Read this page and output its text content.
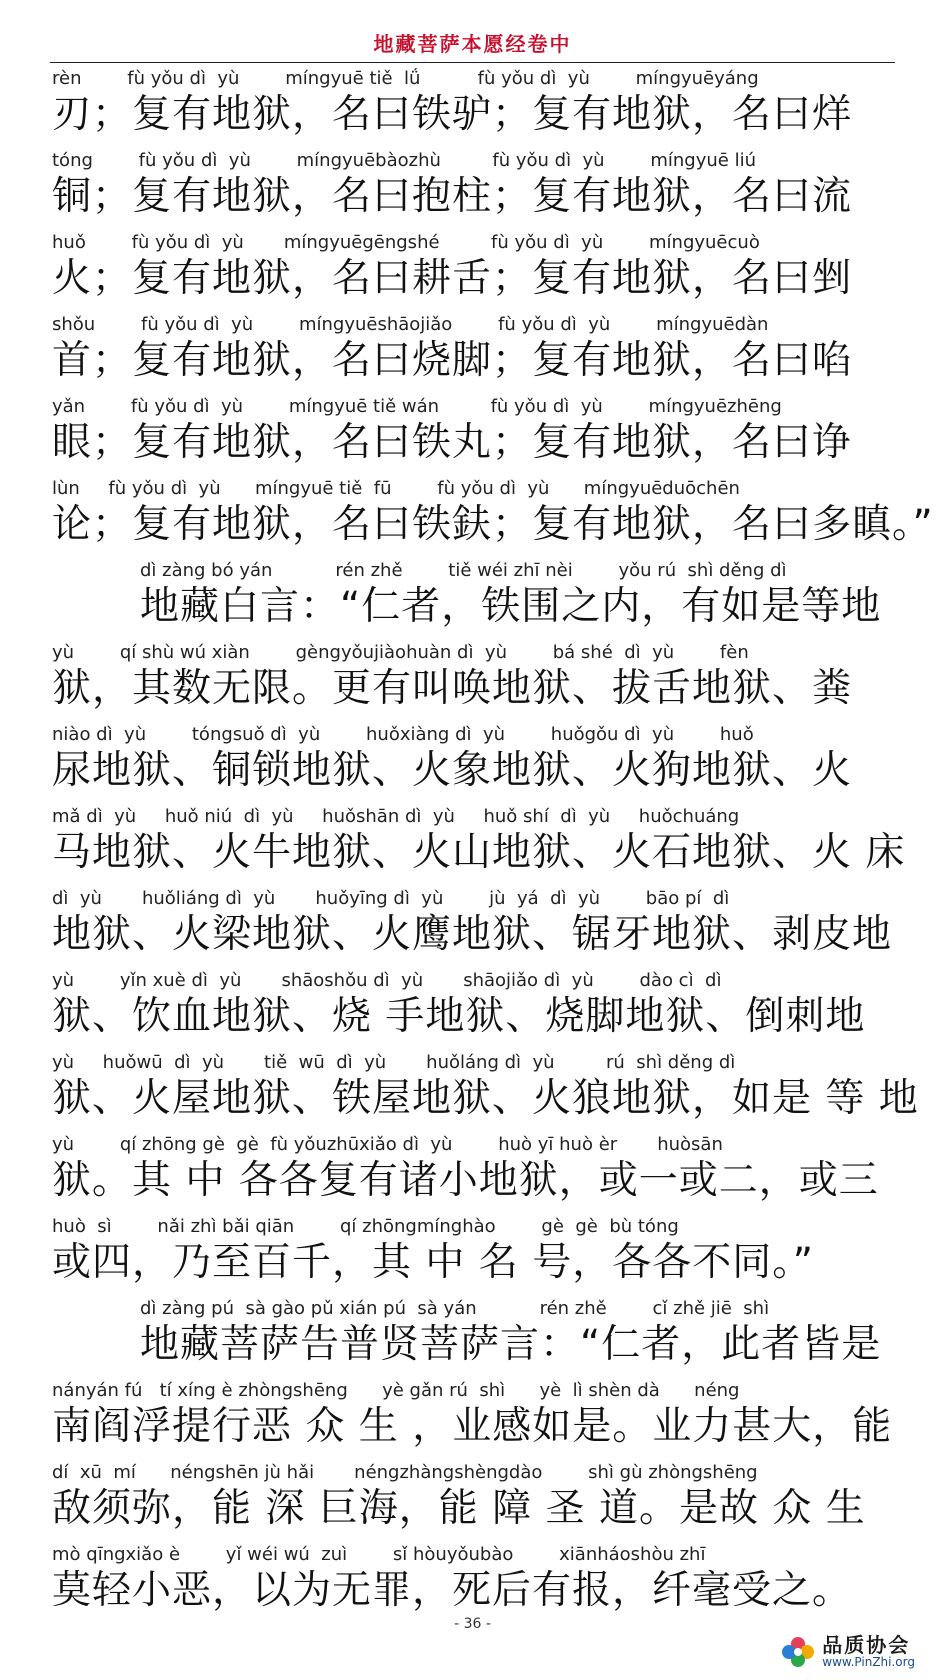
地藏菩萨本愿经卷中
rèn        fù yǒu dì  yù        míngyuē tiě  lǘ          fù yǒu dì  yù        míngyuēyáng
刃；复有地狱，名曰铁驴；复有地狱，名曰烊
tóng        fù yǒu dì  yù        míngyuēbàozhù         fù yǒu dì  yù        míngyuē liú
铜；复有地狱，名曰抱柱；复有地狱，名曰流
huǒ        fù yǒu dì  yù       míngyuēgēngshé         fù yǒu dì  yù        míngyuēcuò
火；复有地狱，名曰耕舌；复有地狱，名曰剉
shǒu        fù yǒu dì  yù        míngyuēshāojiǎo        fù yǒu dì  yù        míngyuēdàn
首；复有地狱，名曰烧脚；复有地狱，名曰啗
yǎn        fù yǒu dì  yù        míngyuē tiě wán         fù yǒu dì  yù        míngyuēzhēng
眼；复有地狱，名曰铁丸；复有地狱，名曰诤
lùn     fù yǒu dì  yù      míngyuē tiě  fū        fù yǒu dì  yù      míngyuēduōchēn
论；复有地狱，名曰铁鈇；复有地狱，名曰多瞋。”
dì zàng bó yán           rén zhě        tiě wéi zhī nèi        yǒu rú  shì děng dì
地藏白言：“仁者，铁围之内，有如是等地
yù        qí shù wú xiàn        gèngyǒujiàohuàn dì  yù        bá shé  dì  yù        fèn
狱，其数无限。更有叫唤地狱、拔舌地狱、粪
niào dì  yù        tóngsuǒ dì  yù        huǒxiàng dì  yù        huǒgǒu dì  yù        huǒ
尿地狱、铜锁地狱、火象地狱、火狗地狱、火
mǎ dì  yù     huǒ niú  dì  yù     huǒshān dì  yù     huǒ shí  dì  yù     huǒchuáng
马地狱、火牛地狱、火山地狱、火石地狱、火 床
dì  yù       huǒliáng dì  yù       huǒyīng dì  yù        jù  yá  dì  yù        bāo pí  dì
地狱、火梁地狱、火鹰地狱、锯牙地狱、剥皮地
yù        yǐn xuè dì  yù       shāoshǒu dì  yù       shāojiǎo dì  yù        dào cì  dì
狱、饮血地狱、烧 手地狱、烧脚地狱、倒刺地
yù     huǒwū  dì  yù       tiě  wū  dì  yù       huǒláng dì  yù         rú  shì děng dì
狱、火屋地狱、铁屋地狱、火狼地狱，如是 等 地
yù        qí zhōng gè  gè  fù yǒuzhūxiǎo dì  yù        huò yī huò èr       huòsān
狱。其 中 各各复有诸小地狱，或一或二，或三
huò  sì        nǎi zhì bǎi qiān        qí zhōngmínghào        gè  gè  bù tóng
或四，乃至百千，其 中 名 号，各各不同。”
dì zàng pú  sà gào pǔ xián pú  sà yán           rén zhě        cǐ zhě jiē  shì
地藏菩萨告普贤菩萨言：“仁者，此者皆是
nányán fú   tí xíng è zhòngshēng      yè gǎn rú  shì      yè  lì shèn dà      néng
南阎浮提行恶 众 生 ，业感如是。业力甚大，能
dí  xū  mí      néngshēn jù hǎi       néngzhàngshèngdào        shì gù zhòngshēng
敌须弥，能 深 巨海，能 障 圣 道。是故 众 生
mò qīngxiǎo è        yǐ wéi wú  zuì        sǐ hòuyǒubào        xiānháoshòu zhī
莫轻小恶，以为无罪，死后有报，纤毫受之。
- 36 -
品质协会
www.PinZhi.org
